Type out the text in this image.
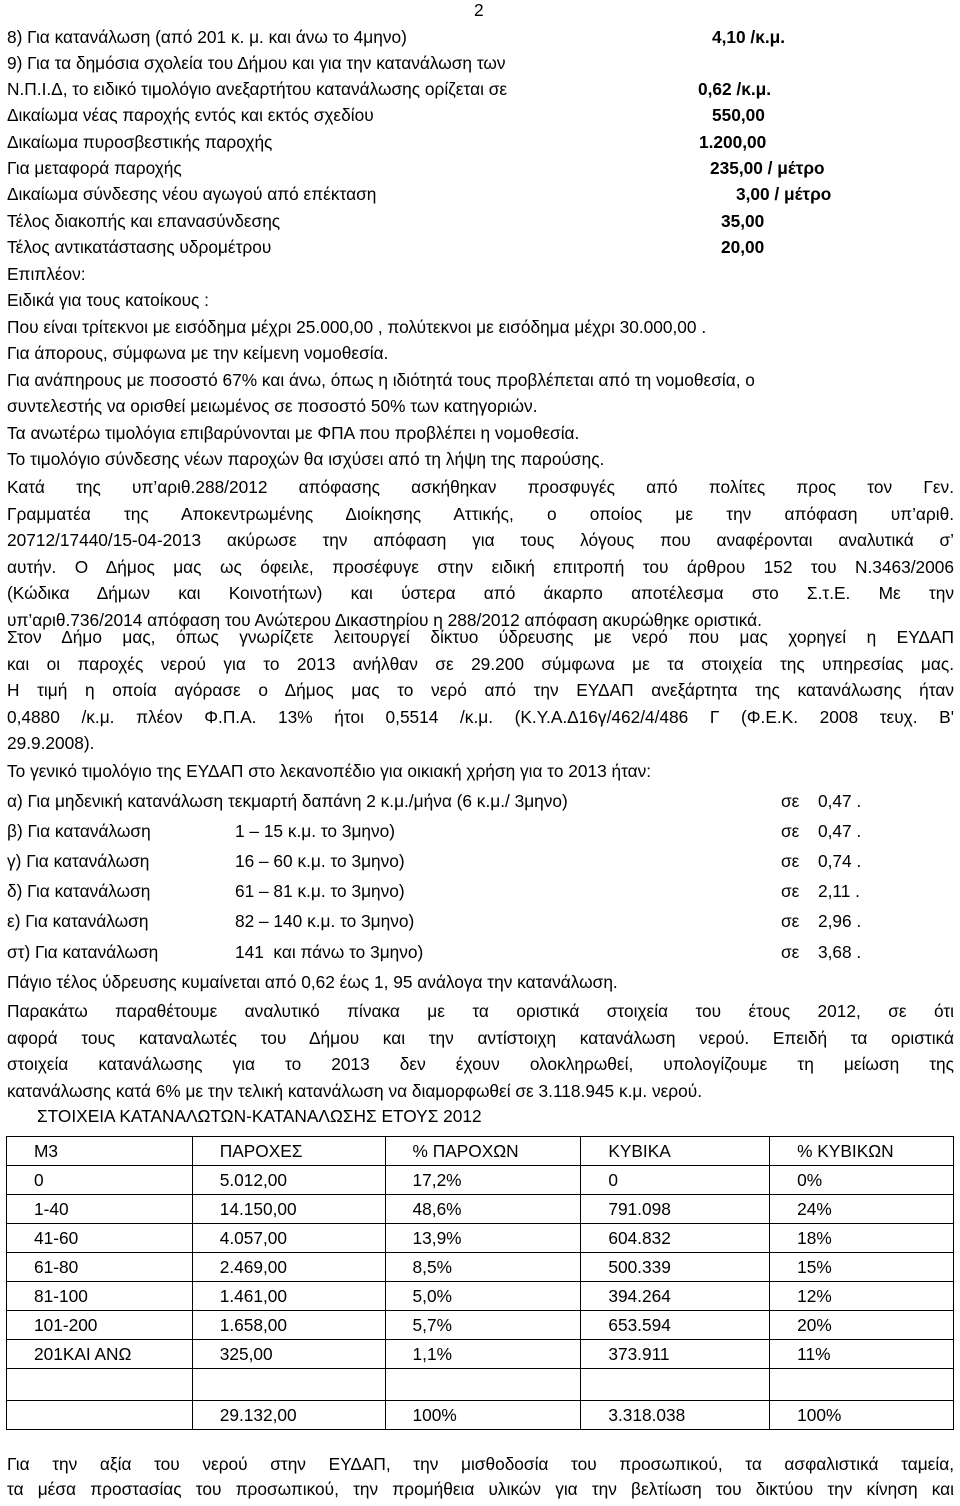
2
8) Για κατανάλωση (από 201 κ. μ. και άνω το 4μηνο)	4,10 /κ.μ.
9) Για τα δημόσια σχολεία του Δήμου και για την κατανάλωση των
Ν.Π.Ι.Δ, το ειδικό τιμολόγιο ανεξαρτήτου κατανάλωσης ορίζεται σε	0,62 /κ.μ.
Δικαίωμα νέας παροχής εντός και εκτός σχεδίου	550,00
Δικαίωμα πυροσβεστικής παροχής	1.200,00
Για μεταφορά παροχής	235,00 / μέτρο
Δικαίωμα σύνδεσης νέου αγωγού από επέκταση	3,00 / μέτρο
Τέλος διακοπής και επανασύνδεσης	35,00
Τέλος αντικατάστασης υδρομέτρου	20,00
Επιπλέον:
Ειδικά για τους κατοίκους :
Που είναι τρίτεκνοι με εισόδημα μέχρι 25.000,00 , πολύτεκνοι με εισόδημα μέχρι 30.000,00 .
Για άπορους, σύμφωνα με την κείμενη νομοθεσία.
Για ανάπηρους με ποσοστό 67% και άνω, όπως η ιδιότητά τους προβλέπεται από τη νομοθεσία, ο
συντελεστής να ορισθεί μειωμένος σε ποσοστό 50% των κατηγοριών.
Τα ανωτέρω τιμολόγια επιβαρύνονται με ΦΠΑ που προβλέπει η νομοθεσία.
Το τιμολόγιο σύνδεσης νέων παροχών θα ισχύσει από τη λήψη της παρούσης.
Κατά της υπ’αριθ.288/2012 απόφασης ασκήθηκαν προσφυγές από πολίτες προς τον Γεν.
Γραμματέα της Αποκεντρωμένης Διοίκησης Αττικής, ο οποίος με την απόφαση υπ’αριθ.
20712/17440/15-04-2013 ακύρωσε την απόφαση για τους λόγους που αναφέρονται αναλυτικά σ’
αυτήν. Ο Δήμος μας ως όφειλε, προσέφυγε στην ειδική επιτροπή του άρθρου 152 του Ν.3463/2006
(Κώδικα Δήμων και Κοινοτήτων) και ύστερα από άκαρπο αποτέλεσμα στο Σ.τ.Ε. Με την
υπ’αριθ.736/2014 απόφαση του Ανώτερου Δικαστηρίου η 288/2012 απόφαση ακυρώθηκε οριστικά.
Στον Δήμο μας, όπως γνωρίζετε λειτουργεί δίκτυο ύδρευσης με νερό που μας χορηγεί η ΕΥΔΑΠ
και οι παροχές νερού για το 2013 ανήλθαν σε 29.200 σύμφωνα με τα στοιχεία της υπηρεσίας μας.
Η τιμή η οποία αγόρασε ο Δήμος μας το νερό από την ΕΥΔΑΠ ανεξάρτητα της κατανάλωσης ήταν
0,4880 /κ.μ. πλέον Φ.Π.Α. 13% ήτοι 0,5514 /κ.μ. (Κ.Υ.Α.Δ16γ/462/4/486 Γ (Φ.Ε.Κ. 2008 τευχ. Β'
29.9.2008).
Το γενικό τιμολόγιο της ΕΥΔΑΠ στο λεκανοπέδιο για οικιακή χρήση για το 2013 ήταν:
α) Για μηδενική κατανάλωση τεκμαρτή δαπάνη 2 κ.μ./μήνα (6 κ.μ./ 3μηνο)	σε 0,47 .
β) Για κατανάλωση	1 – 15 κ.μ. το 3μηνο)	σε 0,47 .
γ) Για κατανάλωση	16 – 60 κ.μ. το 3μηνο)	σε 0,74 .
δ) Για κατανάλωση	61 – 81 κ.μ. το 3μηνο)	σε 2,11 .
ε) Για κατανάλωση	82 – 140 κ.μ. το 3μηνο)	σε 2,96 .
στ) Για κατανάλωση	141  και πάνω το 3μηνο)	σε 3,68 .
Πάγιο τέλος ύδρευσης κυμαίνεται από 0,62 έως 1, 95 ανάλογα την κατανάλωση.
Παρακάτω παραθέτουμε αναλυτικό πίνακα με τα οριστικά στοιχεία του έτους 2012, σε ότι
αφορά τους καταναλωτές του Δήμου και την αντίστοιχη κατανάλωση νερού. Επειδή τα οριστικά
στοιχεία κατανάλωσης για το 2013 δεν έχουν ολοκληρωθεί, υπολογίζουμε τη μείωση της
κατανάλωσης κατά 6% με την τελική κατανάλωση να διαμορφωθεί σε 3.118.945 κ.μ. νερού.
ΣΤΟΙΧΕΙΑ ΚΑΤΑΝΑΛΩΤΩΝ-ΚΑΤΑΝΑΛΩΣΗΣ ΕΤΟΥΣ 2012
Μ3	ΠΑΡΟΧΕΣ	% ΠΑΡΟΧΩΝ	ΚΥΒΙΚΑ	% ΚΥΒΙΚΩΝ
0	5.012,00	17,2%	0	0%
1-40	14.150,00	48,6%	791.098	24%
41-60	4.057,00	13,9%	604.832	18%
61-80	2.469,00	8,5%	500.339	15%
81-100	1.461,00	5,0%	394.264	12%
101-200	1.658,00	5,7%	653.594	20%
201ΚΑΙ ΑΝΩ	325,00	1,1%	373.911	11%

	29.132,00	100%	3.318.038	100%
Για την αξία του νερού στην ΕΥΔΑΠ, την μισθοδοσία του προσωπικού, τα ασφαλιστικά ταμεία,
τα μέσα προστασίας του προσωπικού, την προμήθεια υλικών για την βελτίωση του δικτύου την κίνηση και
